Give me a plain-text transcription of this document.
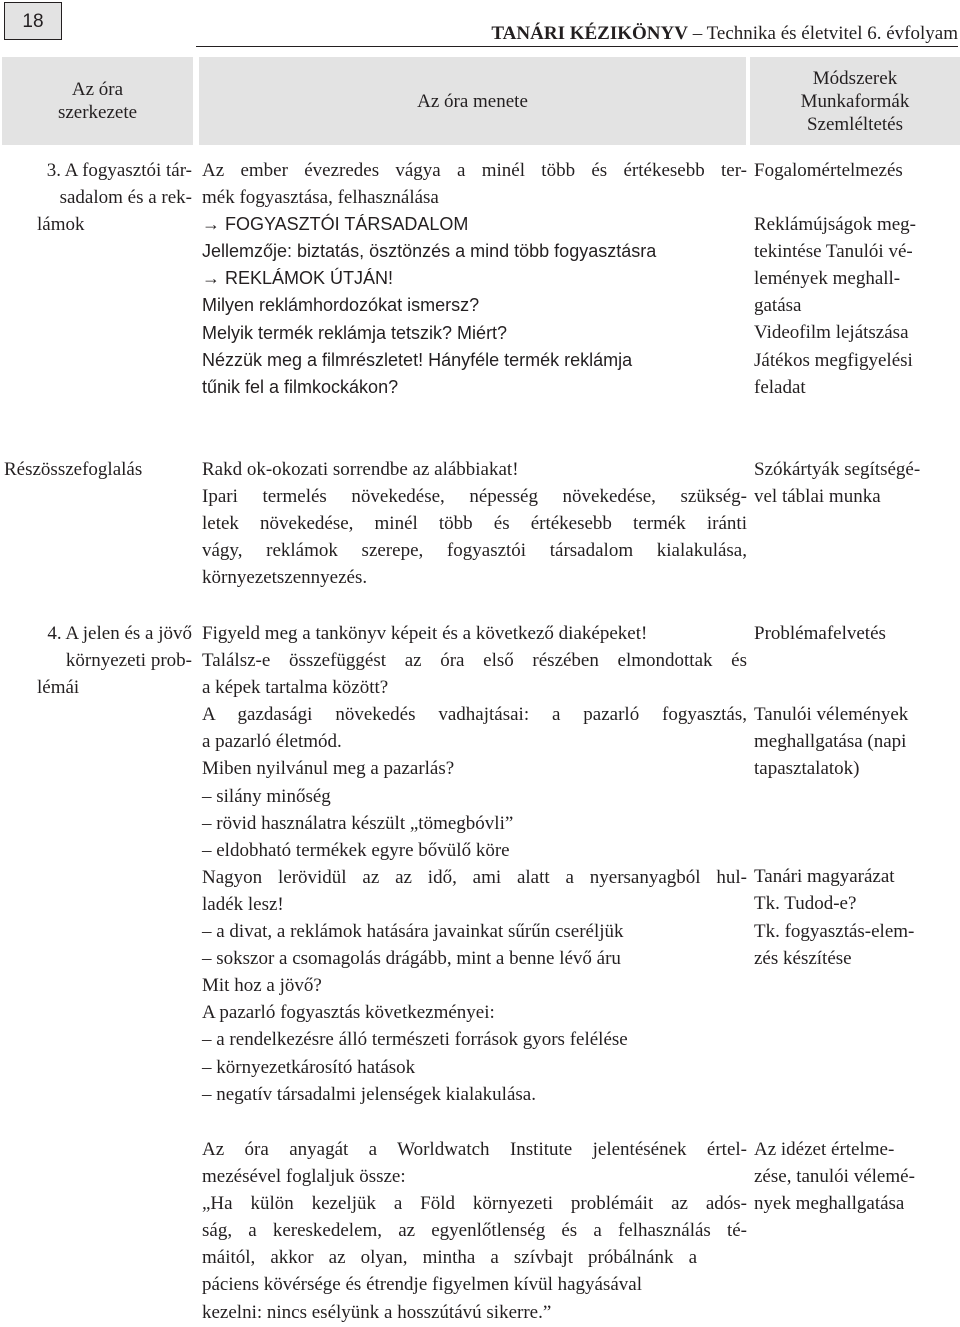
18
TANÁRI KÉZIKÖNYV – Technika és életvitel 6. évfolyam
Az óra
szerkezete
Az óra menete
Módszerek
Munkaformák
Szemléltetés
3. A fogyasztói tár-
sadalom és a rek-
lámok
Az ember évezredes vágya a minél több és értékesebb ter-
mék fogyasztása, felhasználása
→ FOGYASZTÓI TÁRSADALOM
Jellemzője: biztatás, ösztönzés a mind több fogyasztásra
→ REKLÁMOK ÚTJÁN!
Milyen reklámhordozókat ismersz?
Melyik termék reklámja tetszik? Miért?
Nézzük meg a filmrészletet! Hányféle termék reklámja
tűnik fel a filmkockákon?
Fogalomértelmezés
Reklámújságok meg-
tekintése Tanulói vé-
lemények meghall-
gatása
Videofilm lejátszása
Játékos megfigyelési
feladat
Részösszefoglalás	Rakd ok-okozati sorrendbe az alábbiakat!
Ipari termelés növekedése, népesség növekedése, szükség-
letek növekedése, minél több és értékesebb termék iránti
vágy, reklámok szerepe, fogyasztói társadalom kialakulása,
környezetszennyezés.
Szókártyák segítségé-
vel táblai munka
4. A jelen és a jövő
környezeti prob-
lémái
Figyeld meg a tankönyv képeit és a következő diaképeket!
Találsz-e összefüggést az óra első részében elmondottak és
a képek tartalma között?
A gazdasági növekedés vadhajtásai: a pazarló fogyasztás,
a pazarló életmód.
Miben nyilvánul meg a pazarlás?
– silány minőség
– rövid használatra készült „tömegbóvli”
– eldobható termékek egyre bővülő köre
Nagyon lerövidül az az idő, ami alatt a nyersanyagból hul-
ladék lesz!
– a divat, a reklámok hatására javainkat sűrűn cseréljük
– sokszor a csomagolás drágább, mint a benne lévő áru
Mit hoz a jövő?
A pazarló fogyasztás következményei:
– a rendelkezésre álló természeti források gyors felélése
– környezetkárosító hatások
– negatív társadalmi jelenségek kialakulása.
Problémafelvetés
Tanulói vélemények
meghallgatása (napi
tapasztalatok)
Tanári magyarázat
Tk. Tudod-e?
Tk. fogyasztás-elem-
zés készítése
Az óra anyagát a Worldwatch Institute jelentésének értel-
mezésével foglaljuk össze:
„Ha külön kezeljük a Föld környezeti problémáit az adós-
ság, a kereskedelem, az egyenlőtlenség és a felhasználás té-
máitól, akkor az olyan, mintha a szívbajt próbálnánk a
páciens kövérsége és étrendje figyelmen kívül hagyásával
kezelni: nincs esélyünk a hosszútávú sikerre.”
Az idézet értelme-
zése, tanulói vélemé-
nyek meghallgatása
